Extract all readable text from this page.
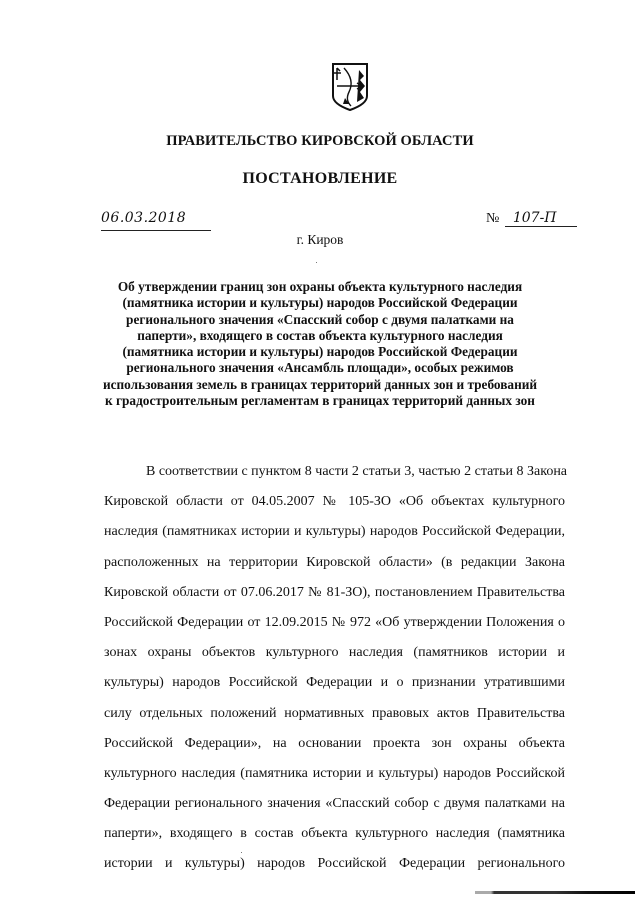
ПРАВИТЕЛЬСТВО КИРОВСКОЙ ОБЛАСТИ
ПОСТАНОВЛЕНИЕ
06.03.2018	№ 107-П
г. Киров
Об утверждении границ зон охраны объекта культурного наследия
(памятника истории и культуры) народов Российской Федерации
регионального значения «Спасский собор с двумя палатками на
паперти», входящего в состав объекта культурного наследия
(памятника истории и культуры) народов Российской Федерации
регионального значения «Ансамбль площади», особых режимов
использования земель в границах территорий данных зон и требований
к градостроительным регламентам в границах территорий данных зон
В соответствии с пунктом 8 части 2 статьи 3, частью 2 статьи 8 Закона
Кировской области от 04.05.2007 № 105-ЗО «Об объектах культурного
наследия (памятниках истории и культуры) народов Российской Федерации,
расположенных на территории Кировской области» (в редакции Закона
Кировской области от 07.06.2017 № 81-ЗО), постановлением Правительства
Российской Федерации от 12.09.2015 № 972 «Об утверждении Положения о
зонах охраны объектов культурного наследия (памятников истории и
культуры) народов Российской Федерации и о признании утратившими
силу отдельных положений нормативных правовых актов Правительства
Российской Федерации», на основании проекта зон охраны объекта
культурного наследия (памятника истории и культуры) народов Российской
Федерации регионального значения «Спасский собор с двумя палатками на
паперти», входящего в состав объекта культурного наследия (памятника
истории и культуры) народов Российской Федерации регионального
